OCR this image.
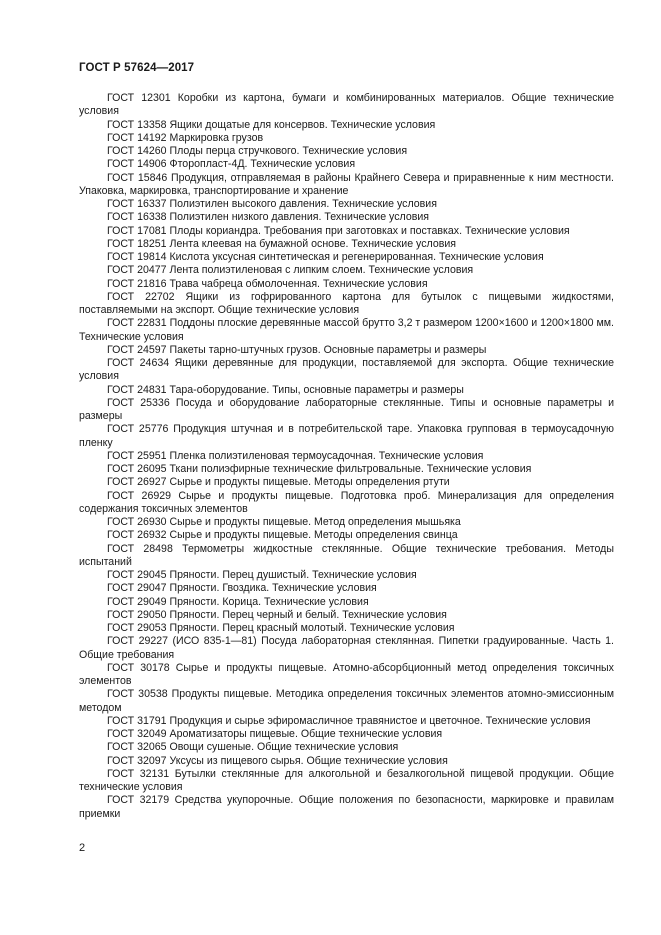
ГОСТ Р 57624—2017

ГОСТ 12301 Коробки из картона, бумаги и комбинированных материалов. Общие технические условия

ГОСТ 13358 Ящики дощатые для консервов. Технические условия

ГОСТ 14192 Маркировка грузов

ГОСТ 14260 Плоды перца стручкового. Технические условия

ГОСТ 14906 Фторопласт-4Д. Технические условия

ГОСТ 15846 Продукция, отправляемая в районы Крайнего Севера и приравненные к ним местности. Упаковка, маркировка, транспортирование и хранение

ГОСТ 16337 Полиэтилен высокого давления. Технические условия

ГОСТ 16338 Полиэтилен низкого давления. Технические условия

ГОСТ 17081 Плоды кориандра. Требования при заготовках и поставках. Технические условия

ГОСТ 18251 Лента клеевая на бумажной основе. Технические условия

ГОСТ 19814 Кислота уксусная синтетическая и регенерированная. Технические условия

ГОСТ 20477 Лента полиэтиленовая с липким слоем. Технические условия

ГОСТ 21816 Трава чабреца обмолоченная. Технические условия

ГОСТ 22702 Ящики из гофрированного картона для бутылок с пищевыми жидкостями, поставляемыми на экспорт. Общие технические условия

ГОСТ 22831 Поддоны плоские деревянные массой брутто 3,2 т размером 1200×1600 и 1200×1800 мм. Технические условия

ГОСТ 24597 Пакеты тарно-штучных грузов. Основные параметры и размеры

ГОСТ 24634 Ящики деревянные для продукции, поставляемой для экспорта. Общие технические условия

ГОСТ 24831 Тара-оборудование. Типы, основные параметры и размеры

ГОСТ 25336 Посуда и оборудование лабораторные стеклянные. Типы и основные параметры и размеры

ГОСТ 25776 Продукция штучная и в потребительской таре. Упаковка групповая в термоусадочную пленку

ГОСТ 25951 Пленка полиэтиленовая термоусадочная. Технические условия

ГОСТ 26095 Ткани полиэфирные технические фильтровальные. Технические условия

ГОСТ 26927 Сырье и продукты пищевые. Методы определения ртути

ГОСТ 26929 Сырье и продукты пищевые. Подготовка проб. Минерализация для определения содержания токсичных элементов

ГОСТ 26930 Сырье и продукты пищевые. Метод определения мышьяка

ГОСТ 26932 Сырье и продукты пищевые. Методы определения свинца

ГОСТ 28498 Термометры жидкостные стеклянные. Общие технические требования. Методы испытаний

ГОСТ 29045 Пряности. Перец душистый. Технические условия

ГОСТ 29047 Пряности. Гвоздика. Технические условия

ГОСТ 29049 Пряности. Корица. Технические условия

ГОСТ 29050 Пряности. Перец черный и белый. Технические условия

ГОСТ 29053 Пряности. Перец красный молотый. Технические условия

ГОСТ 29227 (ИСО 835-1—81) Посуда лабораторная стеклянная. Пипетки градуированные. Часть 1. Общие требования

ГОСТ 30178 Сырье и продукты пищевые. Атомно-абсорбционный метод определения токсичных элементов

ГОСТ 30538 Продукты пищевые. Методика определения токсичных элементов атомно-эмиссионным методом

ГОСТ 31791 Продукция и сырье эфиромасличное травянистое и цветочное. Технические условия

ГОСТ 32049 Ароматизаторы пищевые. Общие технические условия

ГОСТ 32065 Овощи сушеные. Общие технические условия

ГОСТ 32097 Уксусы из пищевого сырья. Общие технические условия

ГОСТ 32131 Бутылки стеклянные для алкогольной и безалкогольной пищевой продукции. Общие технические условия

ГОСТ 32179 Средства укупорочные. Общие положения по безопасности, маркировке и правилам приемки

2
